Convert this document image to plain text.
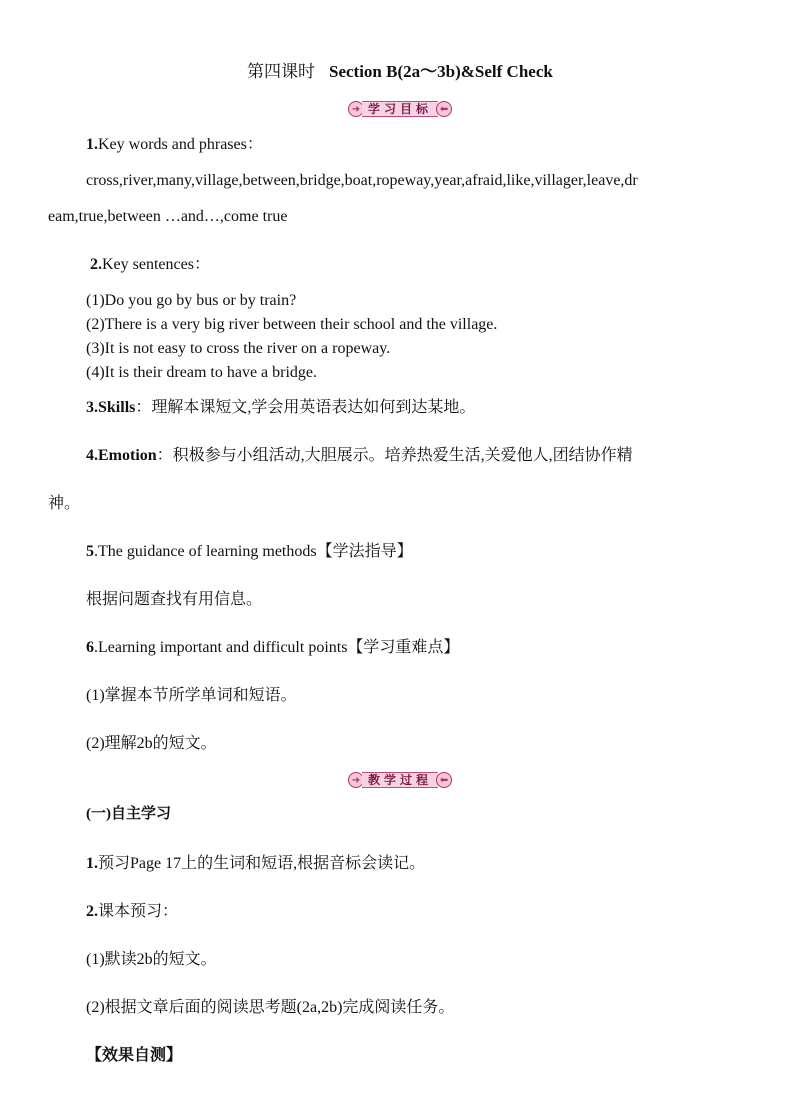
第四课时 Section B(2a～3b)&Self Check
➜ 学习目标 ⬅
1.Key words and phrases：
cross,river,many,village,between,bridge,boat,ropeway,year,afraid,like,villager,leave,dr
eam,true,between …and…,come true
2.Key sentences：
(1)Do you go by bus or by train?
(2)There is a very big river between their school and the village.
(3)It is not easy to cross the river on a ropeway.
(4)It is their dream to have a bridge.
3.Skills：理解本课短文,学会用英语表达如何到达某地。
4.Emotion：积极参与小组活动,大胆展示。培养热爱生活,关爱他人,团结协作精
神。
5.The guidance of learning methods【学法指导】
根据问题查找有用信息。
6.Learning important and difficult points【学习重难点】
(1)掌握本节所学单词和短语。
(2)理解2b的短文。
➜ 教学过程 ⬅
(一)自主学习
1.预习Page 17上的生词和短语,根据音标会读记。
2.课本预习：
(1)默读2b的短文。
(2)根据文章后面的阅读思考题(2a,2b)完成阅读任务。
【效果自测】
